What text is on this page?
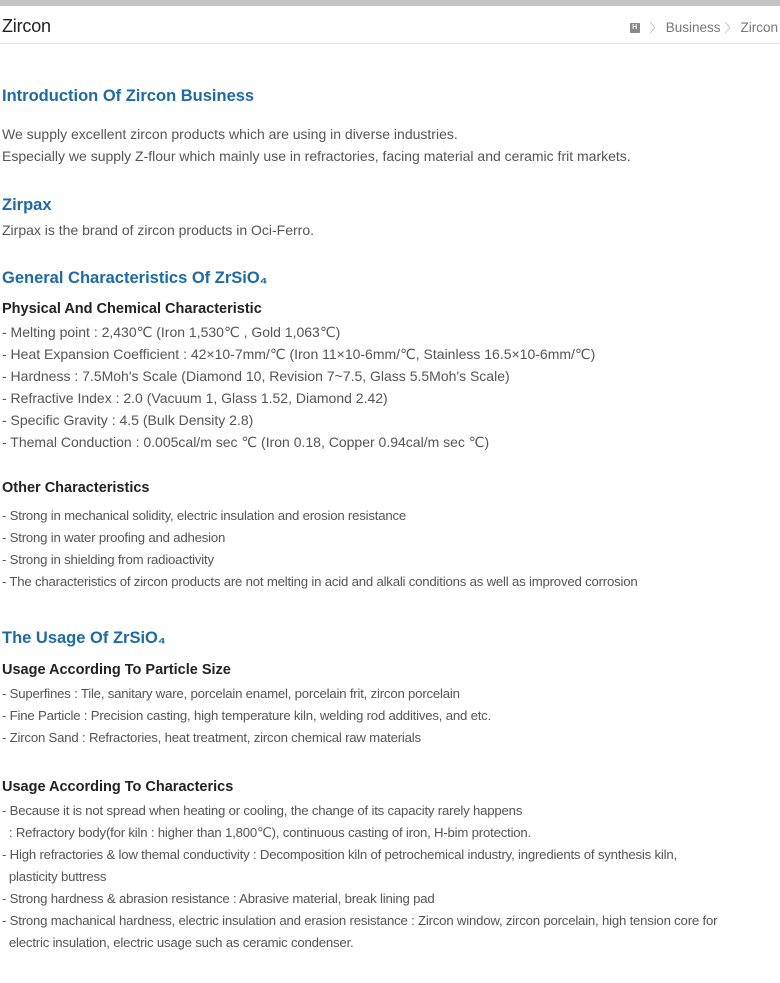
Zircon	H 〉 Business 〉 Zircon
Introduction Of Zircon Business
We supply excellent zircon products which are using in diverse industries.
Especially we supply Z-flour which mainly use in refractories, facing material and ceramic frit markets.
Zirpax
Zirpax is the brand of zircon products in Oci-Ferro.
General Characteristics Of ZrSiO₄
Physical And Chemical Characteristic
- Melting point : 2,430℃ (Iron 1,530℃ , Gold 1,063℃)
- Heat Expansion Coefficient : 42×10-7mm/℃ (Iron 11×10-6mm/℃, Stainless 16.5×10-6mm/℃)
- Hardness : 7.5Moh's Scale (Diamond 10, Revision 7~7.5, Glass 5.5Moh's Scale)
- Refractive Index : 2.0 (Vacuum 1, Glass 1.52, Diamond 2.42)
- Specific Gravity : 4.5 (Bulk Density 2.8)
- Themal Conduction : 0.005cal/m sec ℃ (Iron 0.18, Copper 0.94cal/m sec ℃)
Other Characteristics
- Strong in mechanical solidity, electric insulation and erosion resistance
- Strong in water proofing and adhesion
- Strong in shielding from radioactivity
- The characteristics of zircon products are not melting in acid and alkali conditions as well as improved corrosion
The Usage Of ZrSiO₄
Usage According To Particle Size
- Superfines : Tile, sanitary ware, porcelain enamel, porcelain frit, zircon porcelain
- Fine Particle : Precision casting, high temperature kiln, welding rod additives, and etc.
- Zircon Sand : Refractories, heat treatment, zircon chemical raw materials
Usage According To Characterics
- Because it is not spread when heating or cooling, the change of its capacity rarely happens
: Refractory body(for kiln : higher than 1,800℃), continuous casting of iron, H-bim protection.
- High refractories & low themal conductivity : Decomposition kiln of petrochemical industry, ingredients of synthesis kiln,
plasticity buttress
- Strong hardness & abrasion resistance : Abrasive material, break lining pad
- Strong machanical hardness, electric insulation and erasion resistance : Zircon window, zircon porcelain, high tension core for
electric insulation, electric usage such as ceramic condenser.
